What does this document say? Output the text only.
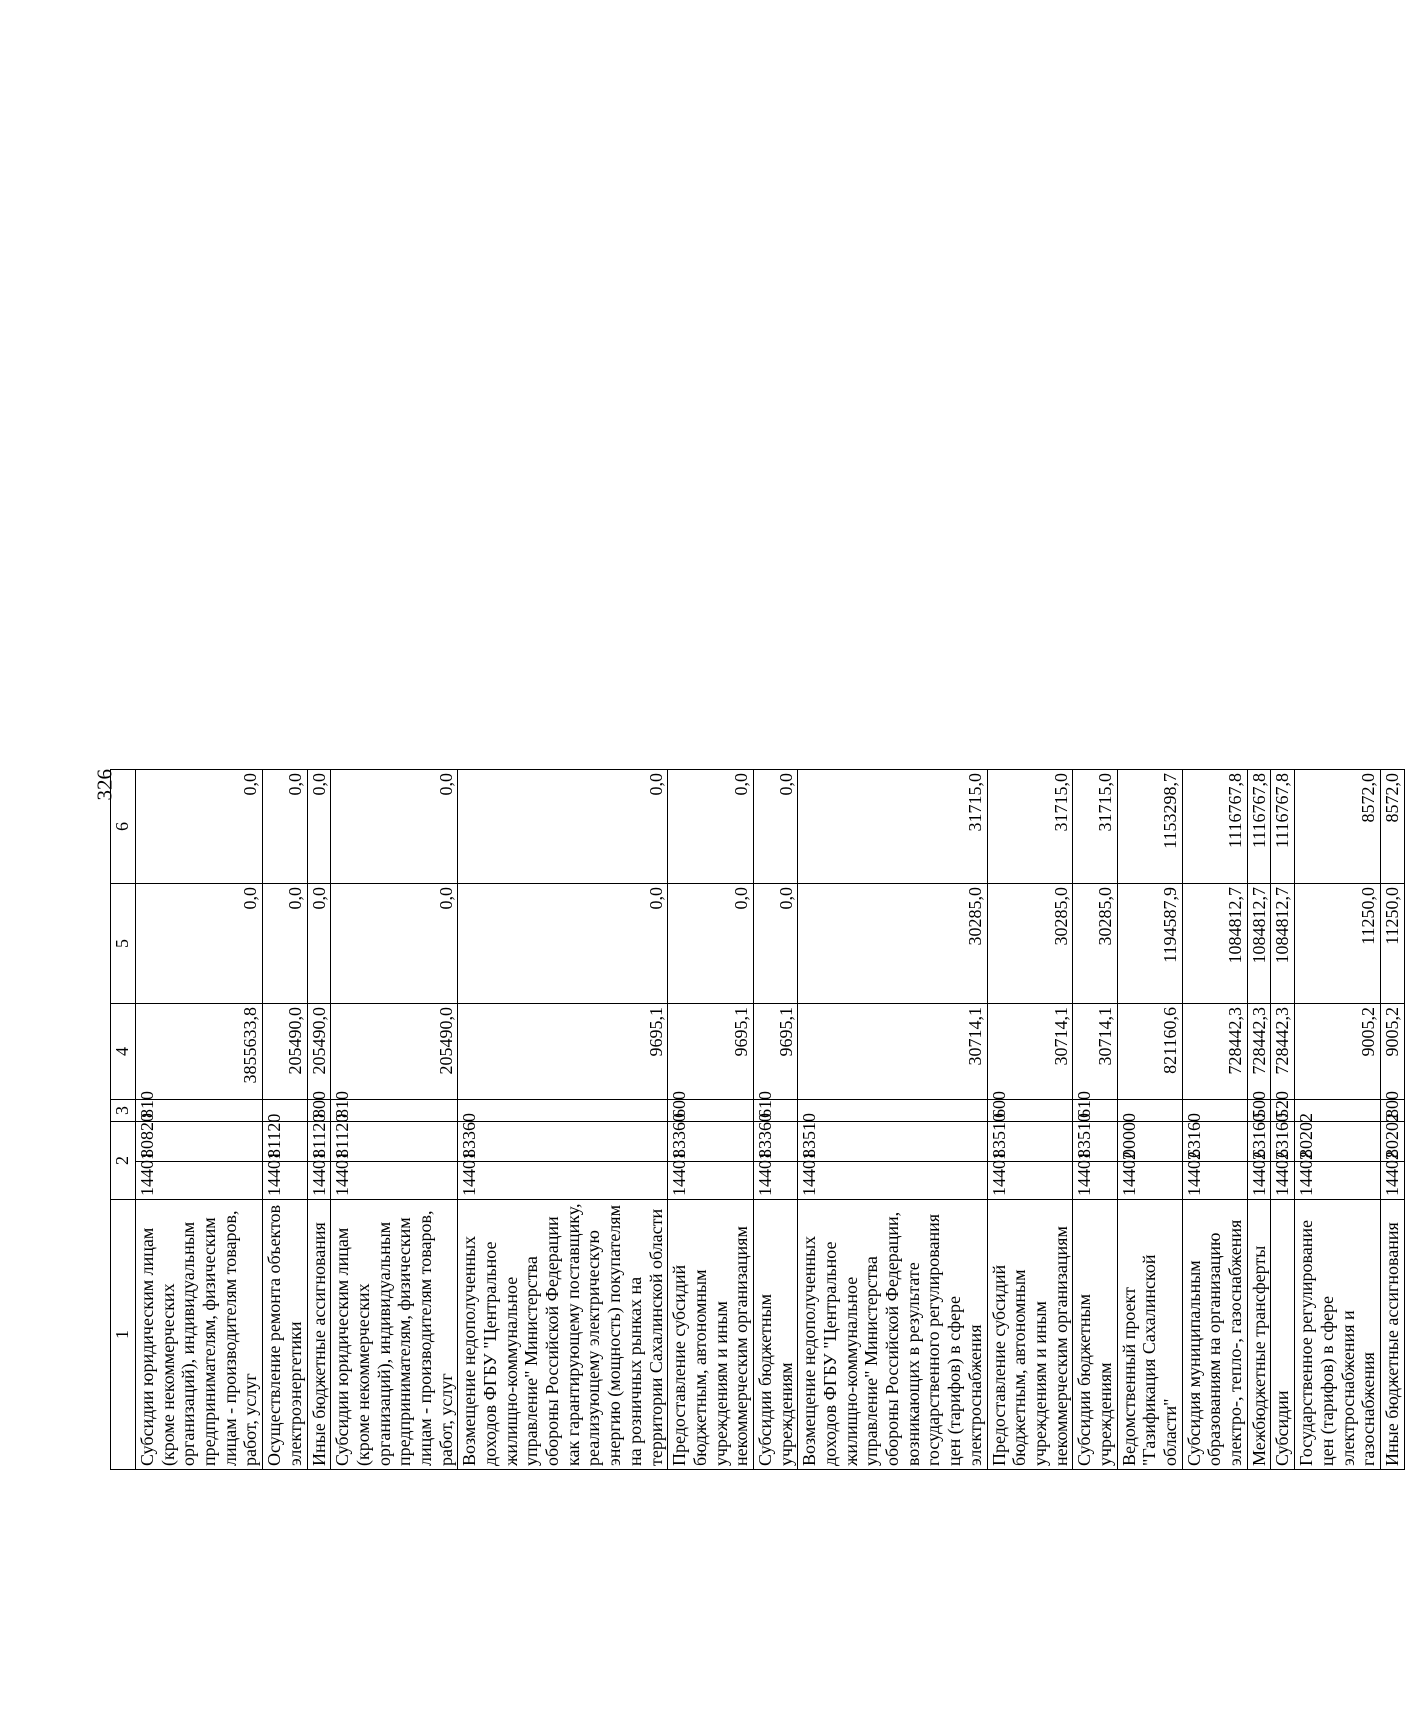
326
1	2		3	4	5	6
Субсидии юридическим лицам (кроме некоммерческих организаций), индивидуальным предпринимателям, физическим лицам - производителям товаров, работ, услуг	14401	80820	810	3855633,8	0,0	0,0
Осуществление ремонта объектов электроэнергетики	14401	81120		205490,0	0,0	0,0
Иные бюджетные ассигнования	14401	81120	800	205490,0	0,0	0,0
Субсидии юридическим лицам (кроме некоммерческих организаций), индивидуальным предпринимателям, физическим лицам - производителям товаров, работ, услуг	14401	81120	810	205490,0	0,0	0,0
Возмещение недополученных доходов ФГБУ "Центральное жилищно-коммунальное управление" Министерства обороны Российской Федерации как гарантирующему поставщику, реализующему электрическую энергию (мощность) покупателям на розничных рынках на территории Сахалинской области	14401	83360		9695,1	0,0	0,0
Предоставление субсидий бюджетным, автономным учреждениям и иным некоммерческим организациям	14401	83360	600	9695,1	0,0	0,0
Субсидии бюджетным учреждениям	14401	83360	610	9695,1	0,0	0,0
Возмещение недополученных доходов ФГБУ "Центральное жилищно-коммунальное управление" Министерства обороны Российской Федерации, возникающих в результате государственного регулирования цен (тарифов) в сфере электроснабжения	14401	83510		30714,1	30285,0	31715,0
Предоставление субсидий бюджетным, автономным учреждениям и иным некоммерческим организациям	14401	83510	600	30714,1	30285,0	31715,0
Субсидии бюджетным учреждениям	14401	83510	610	30714,1	30285,0	31715,0
Ведомственный проект "Газификация Сахалинской области"	14402	00000		821160,6	1194587,9	1153298,7
Субсидия муниципальным образованиям на организацию электро-, тепло-, газоснабжения	14402	63160		728442,3	1084812,7	1116767,8
Межбюджетные трансферты	14402	63160	500	728442,3	1084812,7	1116767,8
Субсидии	14402	63160	520	728442,3	1084812,7	1116767,8
Государственное регулирование цен (тарифов) в сфере электроснабжения и газоснабжения	14402	80202		9005,2	11250,0	8572,0
Иные бюджетные ассигнования	14402	80202	800	9005,2	11250,0	8572,0
